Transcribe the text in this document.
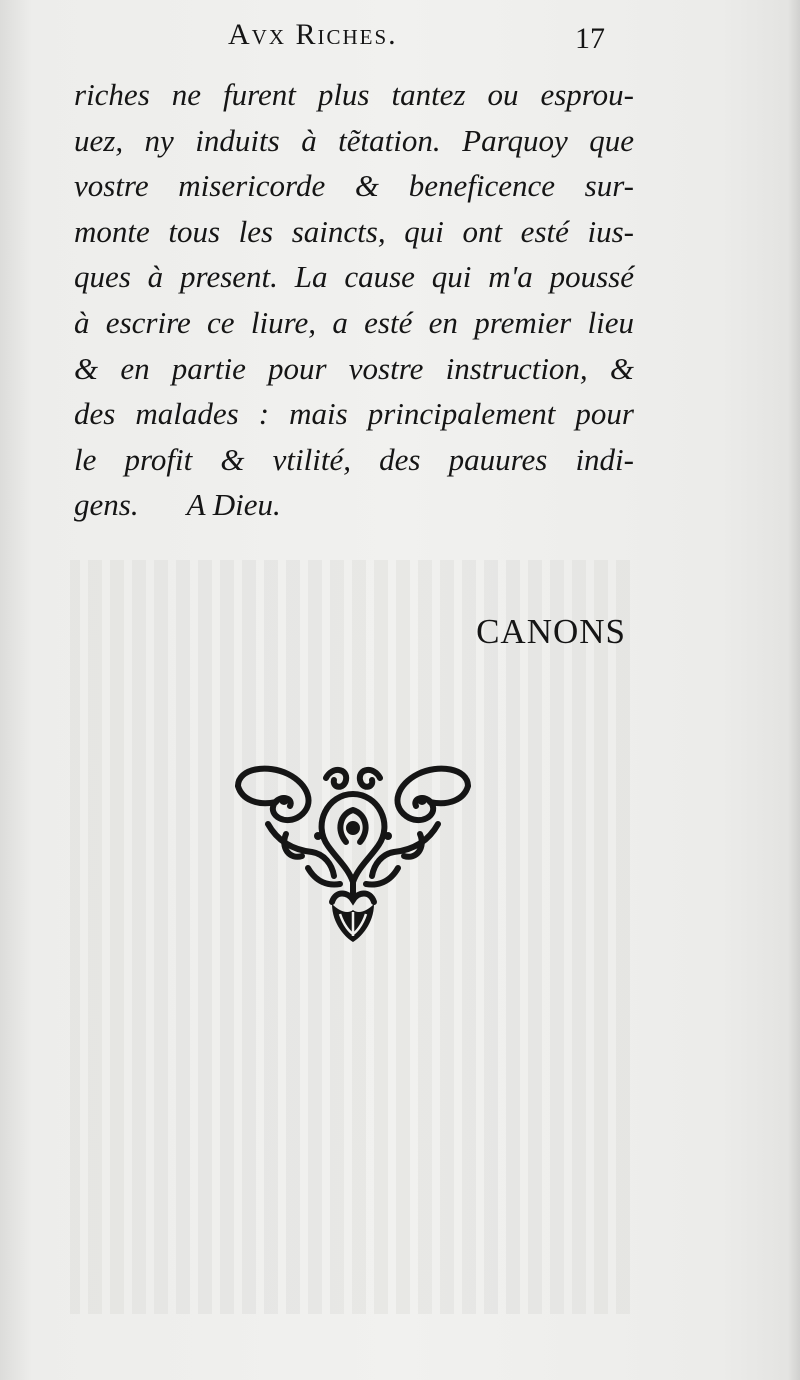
Avx Riches.	17
riches ne furent plus tantez ou esprou-
uez, ny induits à tẽtation. Parquoy que
vostre misericorde & beneficence sur-
monte tous les saincts, qui ont esté ius-
ques à present. La cause qui m'a poussé
à escrire ce liure, a esté en premier lieu
& en partie pour vostre instruction, &
des malades : mais principalement pour
le profit & vtilité, des pauures indi-
gens. A Dieu.
CANONS
